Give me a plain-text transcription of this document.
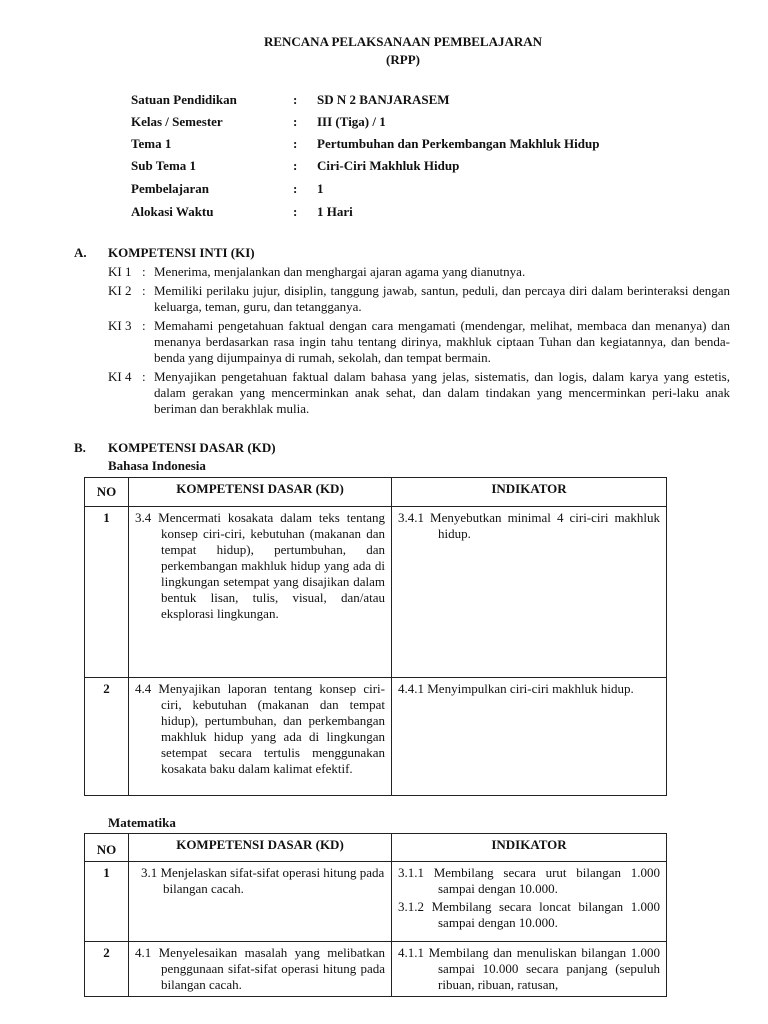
RENCANA PELAKSANAAN PEMBELAJARAN
(RPP)
Satuan Pendidikan	: SD N 2 BANJARASEM
Kelas / Semester	: III (Tiga) / 1
Tema 1	: Pertumbuhan dan Perkembangan Makhluk Hidup
Sub Tema 1	: Ciri-Ciri Makhluk Hidup
Pembelajaran	: 1
Alokasi Waktu	: 1 Hari
A. KOMPETENSI INTI (KI)
KI 1 : Menerima, menjalankan dan menghargai ajaran agama yang dianutnya.
KI 2 : Memiliki perilaku jujur, disiplin, tanggung jawab, santun, peduli, dan percaya diri dalam berinteraksi dengan keluarga, teman, guru, dan tetangganya.
KI 3 : Memahami pengetahuan faktual dengan cara mengamati (mendengar, melihat, membaca dan menanya) dan menanya berdasarkan rasa ingin tahu tentang dirinya, makhluk ciptaan Tuhan dan kegiatannya, dan benda-benda yang dijumpainya di rumah, sekolah, dan tempat bermain.
KI 4 : Menyajikan pengetahuan faktual dalam bahasa yang jelas, sistematis, dan logis, dalam karya yang estetis, dalam gerakan yang mencerminkan anak sehat, dan dalam tindakan yang mencerminkan peri-laku anak beriman dan berakhlak mulia.
B. KOMPETENSI DASAR (KD)
Bahasa Indonesia
NO	KOMPETENSI DASAR (KD)	INDIKATOR
1	3.4 Mencermati kosakata dalam teks tentang konsep ciri-ciri, kebutuhan (makanan dan tempat hidup), pertumbuhan, dan perkembangan makhluk hidup yang ada di lingkungan setempat yang disajikan dalam bentuk lisan, tulis, visual, dan/atau eksplorasi lingkungan.	3.4.1 Menyebutkan minimal 4 ciri-ciri makhluk hidup.

2	4.4 Menyajikan laporan tentang konsep ciri-ciri, kebutuhan (makanan dan tempat hidup), pertumbuhan, dan perkembangan makhluk hidup yang ada di lingkungan setempat secara tertulis menggunakan kosakata baku dalam kalimat efektif.	4.4.1 Menyimpulkan ciri-ciri makhluk hidup.
Matematika
NO	KOMPETENSI DASAR (KD)	INDIKATOR
1	3.1 Menjelaskan sifat-sifat operasi hitung pada bilangan cacah.	3.1.1 Membilang secara urut bilangan 1.000 sampai dengan 10.000.
3.1.2 Membilang secara loncat bilangan 1.000 sampai dengan 10.000.

2	4.1 Menyelesaikan masalah yang melibatkan penggunaan sifat-sifat operasi hitung pada bilangan cacah.	4.1.1 Membilang dan menuliskan bilangan 1.000 sampai 10.000 secara panjang (sepuluh ribuan, ribuan, ratusan,
